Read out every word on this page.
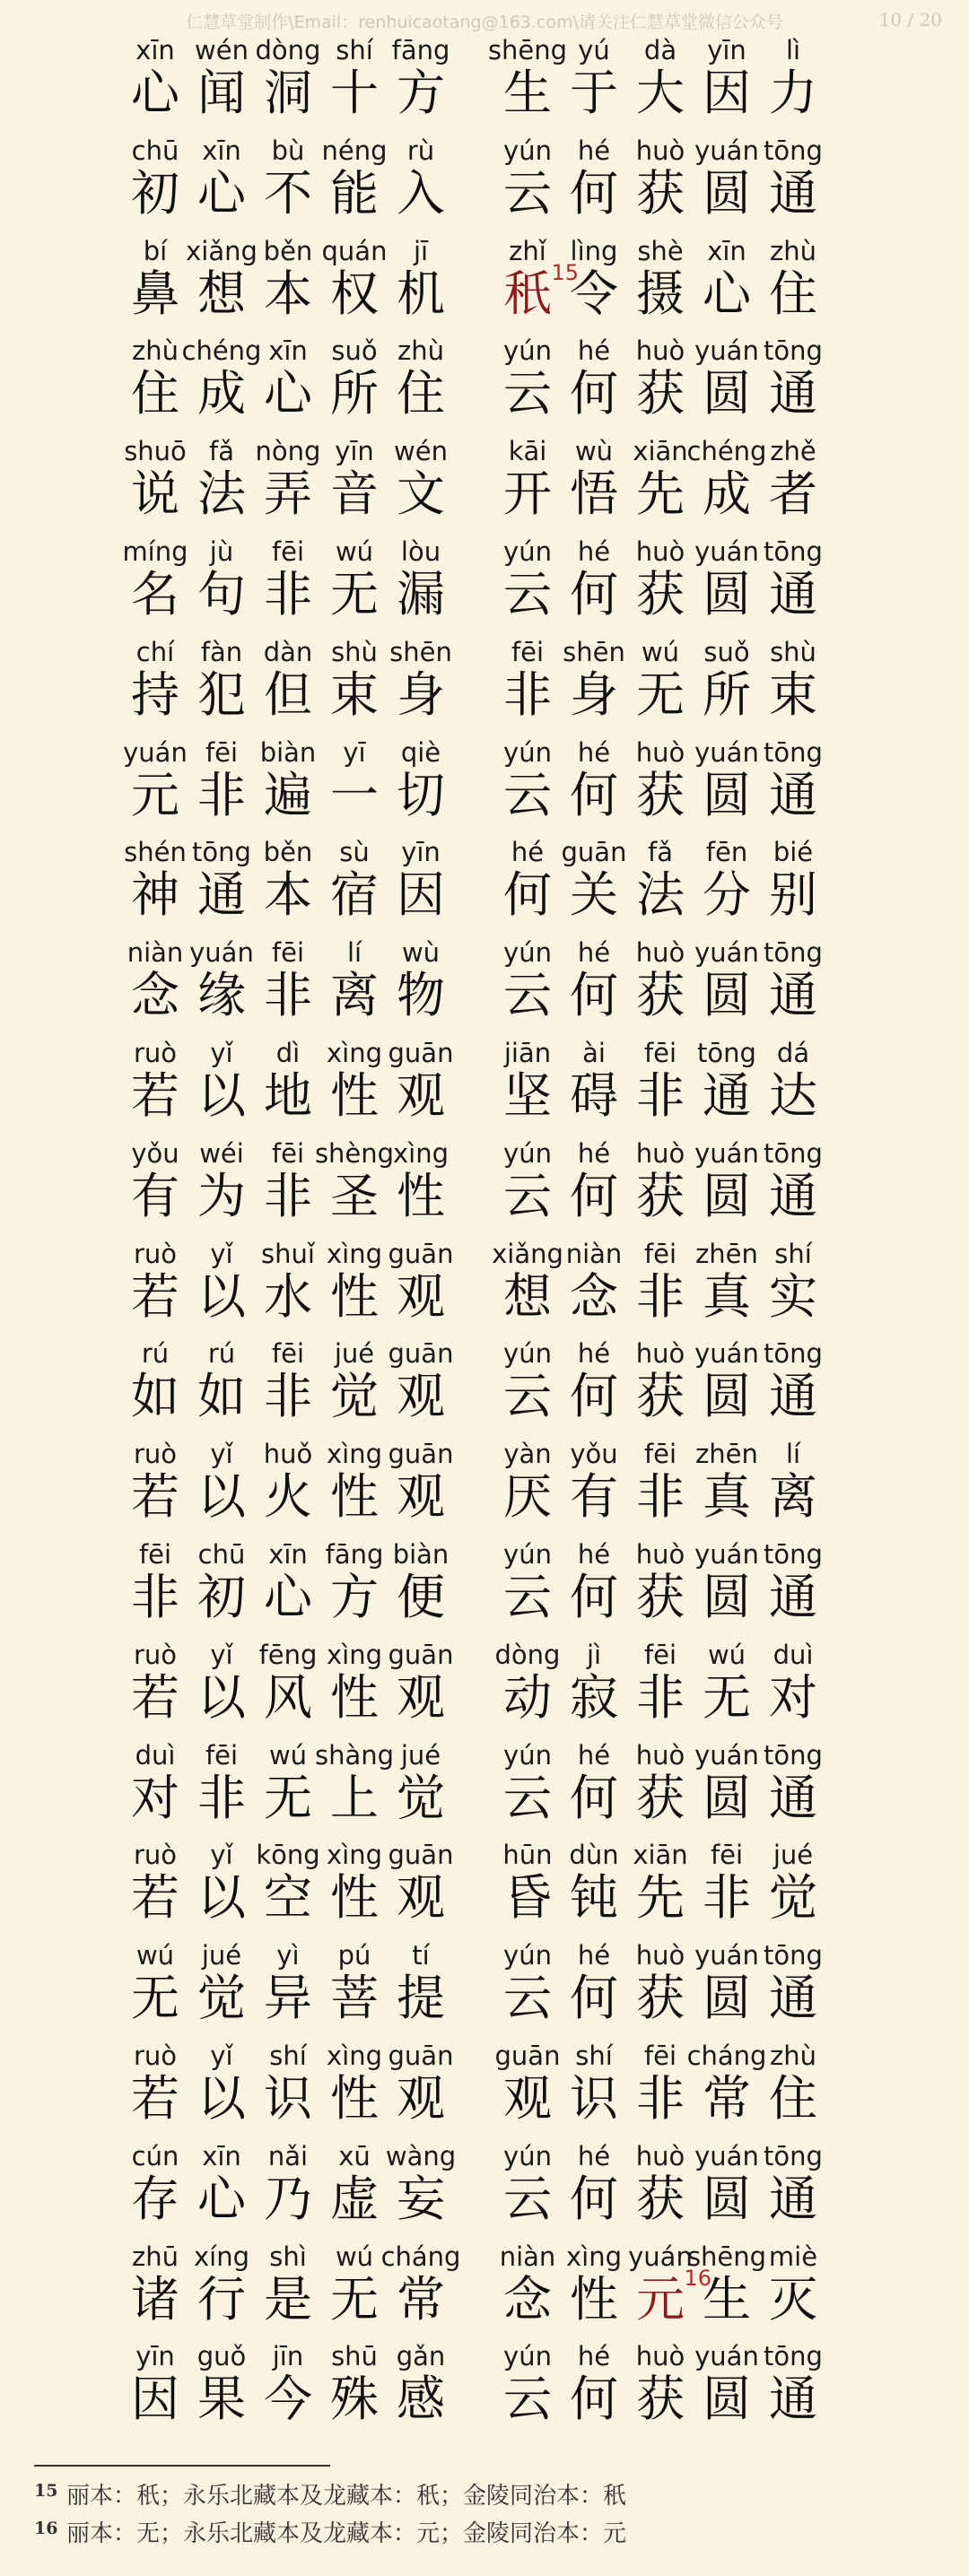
仁慧草堂制作\Email：renhuicaotang@163.com\请关注仁慧草堂微信公众号	10 / 20
xīn
心
wén
闻
dòng
洞
shí
十
fāng
方
shēng
生
yú
于
dà
大
yīn
因
lì
力
chū
初
xīn
心
bù
不
néng
能
rù
入
yún
云
hé
何
huò
获
yuán
圆
tōng
通
bí
鼻
xiǎng
想
běn
本
quán
权
jī
机
zhǐ
秖 15
lìng
令
shè
摄
xīn
心
zhù
住
zhù
住
chéng
成
xīn
心
suǒ
所
zhù
住
yún
云
hé
何
huò
获
yuán
圆
tōng
通
shuō
说
fǎ
法
nòng
弄
yīn
音
wén
文
kāi
开
wù
悟
xiān
先
chéng
成
zhě
者
míng
名
jù
句
fēi
非
wú
无
lòu
漏
yún
云
hé
何
huò
获
yuán
圆
tōng
通
chí
持
fàn
犯
dàn
但
shù
束
shēn
身
fēi
非
shēn
身
wú
无
suǒ
所
shù
束
yuán
元
fēi
非
biàn
遍
yī
一
qiè
切
yún
云
hé
何
huò
获
yuán
圆
tōng
通
shén
神
tōng
通
běn
本
sù
宿
yīn
因
hé
何
guān
关
fǎ
法
fēn
分
bié
别
niàn
念
yuán
缘
fēi
非
lí
离
wù
物
yún
云
hé
何
huò
获
yuán
圆
tōng
通
ruò
若
yǐ
以
dì
地
xìng
性
guān
观
jiān
坚
ài
碍
fēi
非
tōng
通
dá
达
yǒu
有
wéi
为
fēi
非
shèng
圣
xìng
性
yún
云
hé
何
huò
获
yuán
圆
tōng
通
ruò
若
yǐ
以
shuǐ
水
xìng
性
guān
观
xiǎng
想
niàn
念
fēi
非
zhēn
真
shí
实
rú
如
rú
如
fēi
非
jué
觉
guān
观
yún
云
hé
何
huò
获
yuán
圆
tōng
通
ruò
若
yǐ
以
huǒ
火
xìng
性
guān
观
yàn
厌
yǒu
有
fēi
非
zhēn
真
lí
离
fēi
非
chū
初
xīn
心
fāng
方
biàn
便
yún
云
hé
何
huò
获
yuán
圆
tōng
通
ruò
若
yǐ
以
fēng
风
xìng
性
guān
观
dòng
动
jì
寂
fēi
非
wú
无
duì
对
duì
对
fēi
非
wú
无
shàng
上
jué
觉
yún
云
hé
何
huò
获
yuán
圆
tōng
通
ruò
若
yǐ
以
kōng
空
xìng
性
guān
观
hūn
昏
dùn
钝
xiān
先
fēi
非
jué
觉
wú
无
jué
觉
yì
异
pú
菩
tí
提
yún
云
hé
何
huò
获
yuán
圆
tōng
通
ruò
若
yǐ
以
shí
识
xìng
性
guān
观
guān
观
shí
识
fēi
非
cháng
常
zhù
住
cún
存
xīn
心
nǎi
乃
xū
虚
wàng
妄
yún
云
hé
何
huò
获
yuán
圆
tōng
通
zhū
诸
xíng
行
shì
是
wú
无
cháng
常
niàn
念
xìng
性
yuán
元 16
shēng
生
miè
灭
yīn
因
guǒ
果
jīn
今
shū
殊
gǎn
感
yún
云
hé
何
huò
获
yuán
圆
tōng
通
15 丽本：秖；永乐北藏本及龙藏本：秖；金陵同治本：秖
16 丽本：无；永乐北藏本及龙藏本：元；金陵同治本：元
